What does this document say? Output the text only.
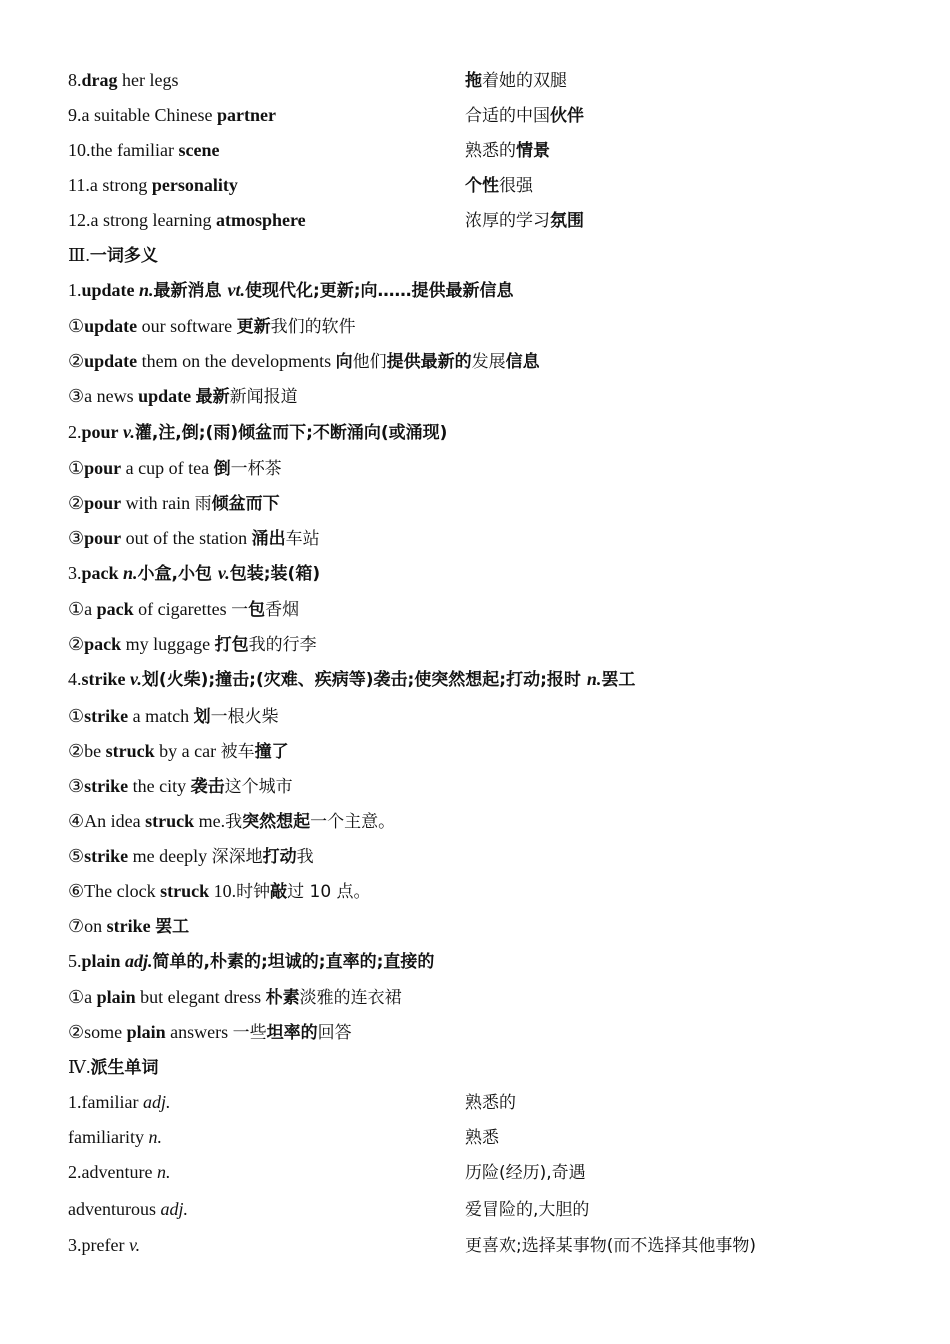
8.drag her legs	拖着她的双腿
9.a suitable Chinese partner	合适的中国伙伴
10.the familiar scene	熟悉的情景
11.a strong personality	个性很强
12.a strong learning atmosphere	浓厚的学习氛围
Ⅲ.一词多义
1.update n.最新消息 vt.使现代化;更新;向……提供最新信息
①update our software 更新我们的软件
②update them on the developments 向他们提供最新的发展信息
③a news update 最新新闻报道
2.pour v.灌,注,倒;(雨)倾盆而下;不断涌向(或涌现)
①pour a cup of tea 倒一杯茶
②pour with rain 雨倾盆而下
③pour out of the station 涌出车站
3.pack n.小盒,小包 v.包装;装(箱)
①a pack of cigarettes 一包香烟
②pack my luggage 打包我的行李
4.strike v.划(火柴);撞击;(灾难、疾病等)袭击;使突然想起;打动;报时 n.罢工
①strike a match 划一根火柴
②be struck by a car 被车撞了
③strike the city 袭击这个城市
④An idea struck me.我突然想起一个主意。
⑤strike me deeply 深深地打动我
⑥The clock struck 10.时钟敲过 10 点。
⑦on strike 罢工
5.plain adj.简单的,朴素的;坦诚的;直率的;直接的
①a plain but elegant dress 朴素淡雅的连衣裙
②some plain answers 一些坦率的回答
Ⅳ.派生单词
1.familiar adj.	熟悉的
familiarity n.	熟悉
2.adventure n.	历险(经历),奇遇
adventurous adj.	爱冒险的,大胆的
3.prefer v.	更喜欢;选择某事物(而不选择其他事物)
